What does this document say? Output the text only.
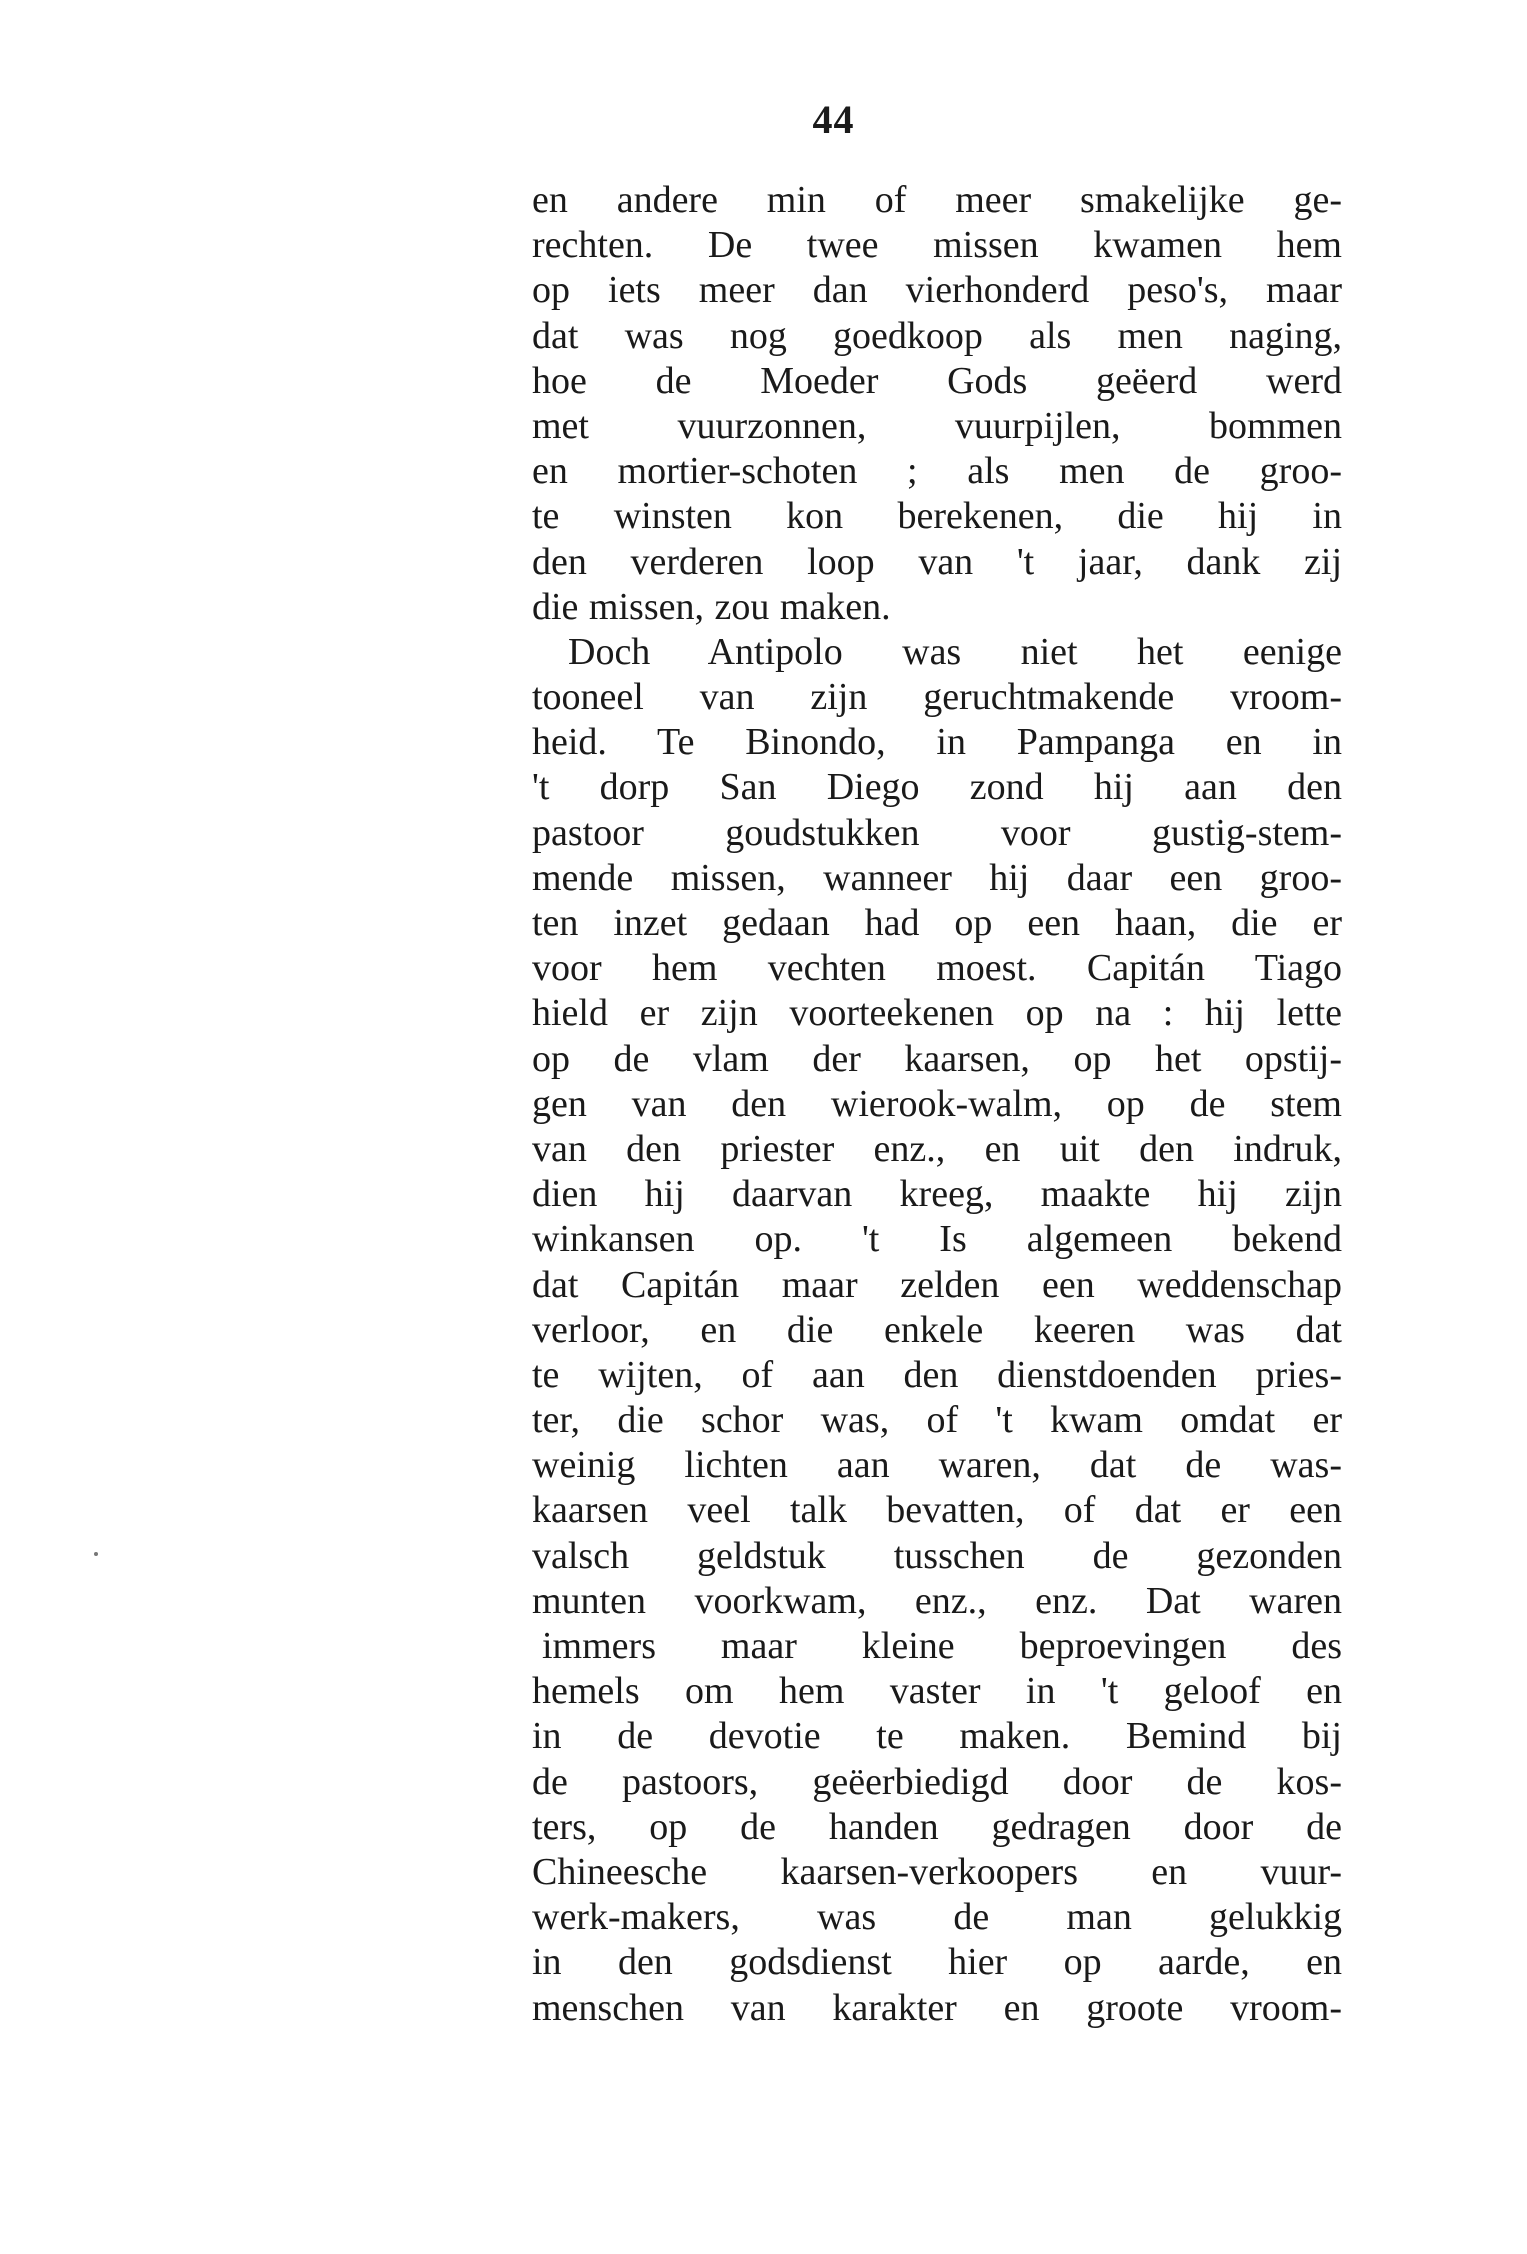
44
en andere min of meer smakelijke ge-
rechten. De twee missen kwamen hem
op iets meer dan vierhonderd peso's, maar
dat was nog goedkoop als men naging,
hoe de Moeder Gods geëerd werd
met vuurzonnen, vuurpijlen, bommen
en mortier-schoten ; als men de groo-
te winsten kon berekenen, die hij in
den verderen loop van 't jaar, dank zij
die missen, zou maken.
Doch Antipolo was niet het eenige
tooneel van zijn geruchtmakende vroom-
heid. Te Binondo, in Pampanga en in
't dorp San Diego zond hij aan den
pastoor goudstukken voor gustig-stem-
mende missen, wanneer hij daar een groo-
ten inzet gedaan had op een haan, die er
voor hem vechten moest. Capitán Tiago
hield er zijn voorteekenen op na : hij lette
op de vlam der kaarsen, op het opstij-
gen van den wierook-walm, op de stem
van den priester enz., en uit den indruk,
dien hij daarvan kreeg, maakte hij zijn
winkansen op. 't Is algemeen bekend
dat Capitán maar zelden een weddenschap
verloor, en die enkele keeren was dat
te wijten, of aan den dienstdoenden pries-
ter, die schor was, of 't kwam omdat er
weinig lichten aan waren, dat de was-
kaarsen veel talk bevatten, of dat er een
valsch geldstuk tusschen de gezonden
munten voorkwam, enz., enz. Dat waren
immers maar kleine beproevingen des
hemels om hem vaster in 't geloof en
in de devotie te maken. Bemind bij
de pastoors, geëerbiedigd door de kos-
ters, op de handen gedragen door de
Chineesche kaarsen-verkoopers en vuur-
werk-makers, was de man gelukkig
in den godsdienst hier op aarde, en
menschen van karakter en groote vroom-
